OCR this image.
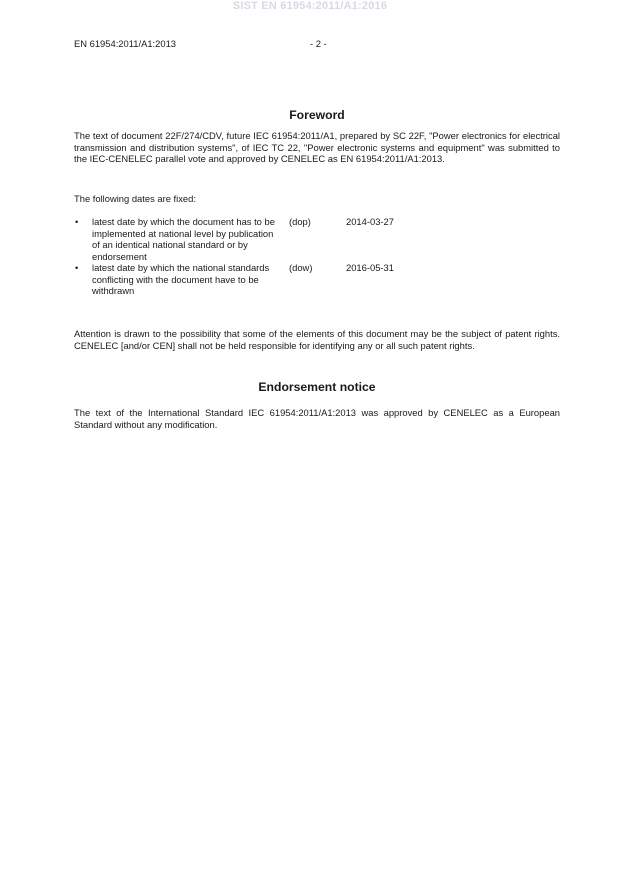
SIST EN 61954:2011/A1:2016
EN 61954:2011/A1:2013	- 2 -
Foreword

The text of document 22F/274/CDV, future IEC 61954:2011/A1, prepared by SC 22F, "Power electronics for electrical transmission and distribution systems", of IEC TC 22, "Power electronic systems and equipment" was submitted to the IEC-CENELEC parallel vote and approved by CENELEC as EN 61954:2011/A1:2013.

The following dates are fixed:

• latest date by which the document has to be implemented at national level by publication of an identical national standard or by endorsement
(dop)	2014-03-27
• latest date by which the national standards conflicting with the document have to be withdrawn
(dow)	2016-05-31

Attention is drawn to the possibility that some of the elements of this document may be the subject of patent rights. CENELEC [and/or CEN] shall not be held responsible for identifying any or all such patent rights.

Endorsement notice

The text of the International Standard IEC 61954:2011/A1:2013 was approved by CENELEC as a European Standard without any modification.
